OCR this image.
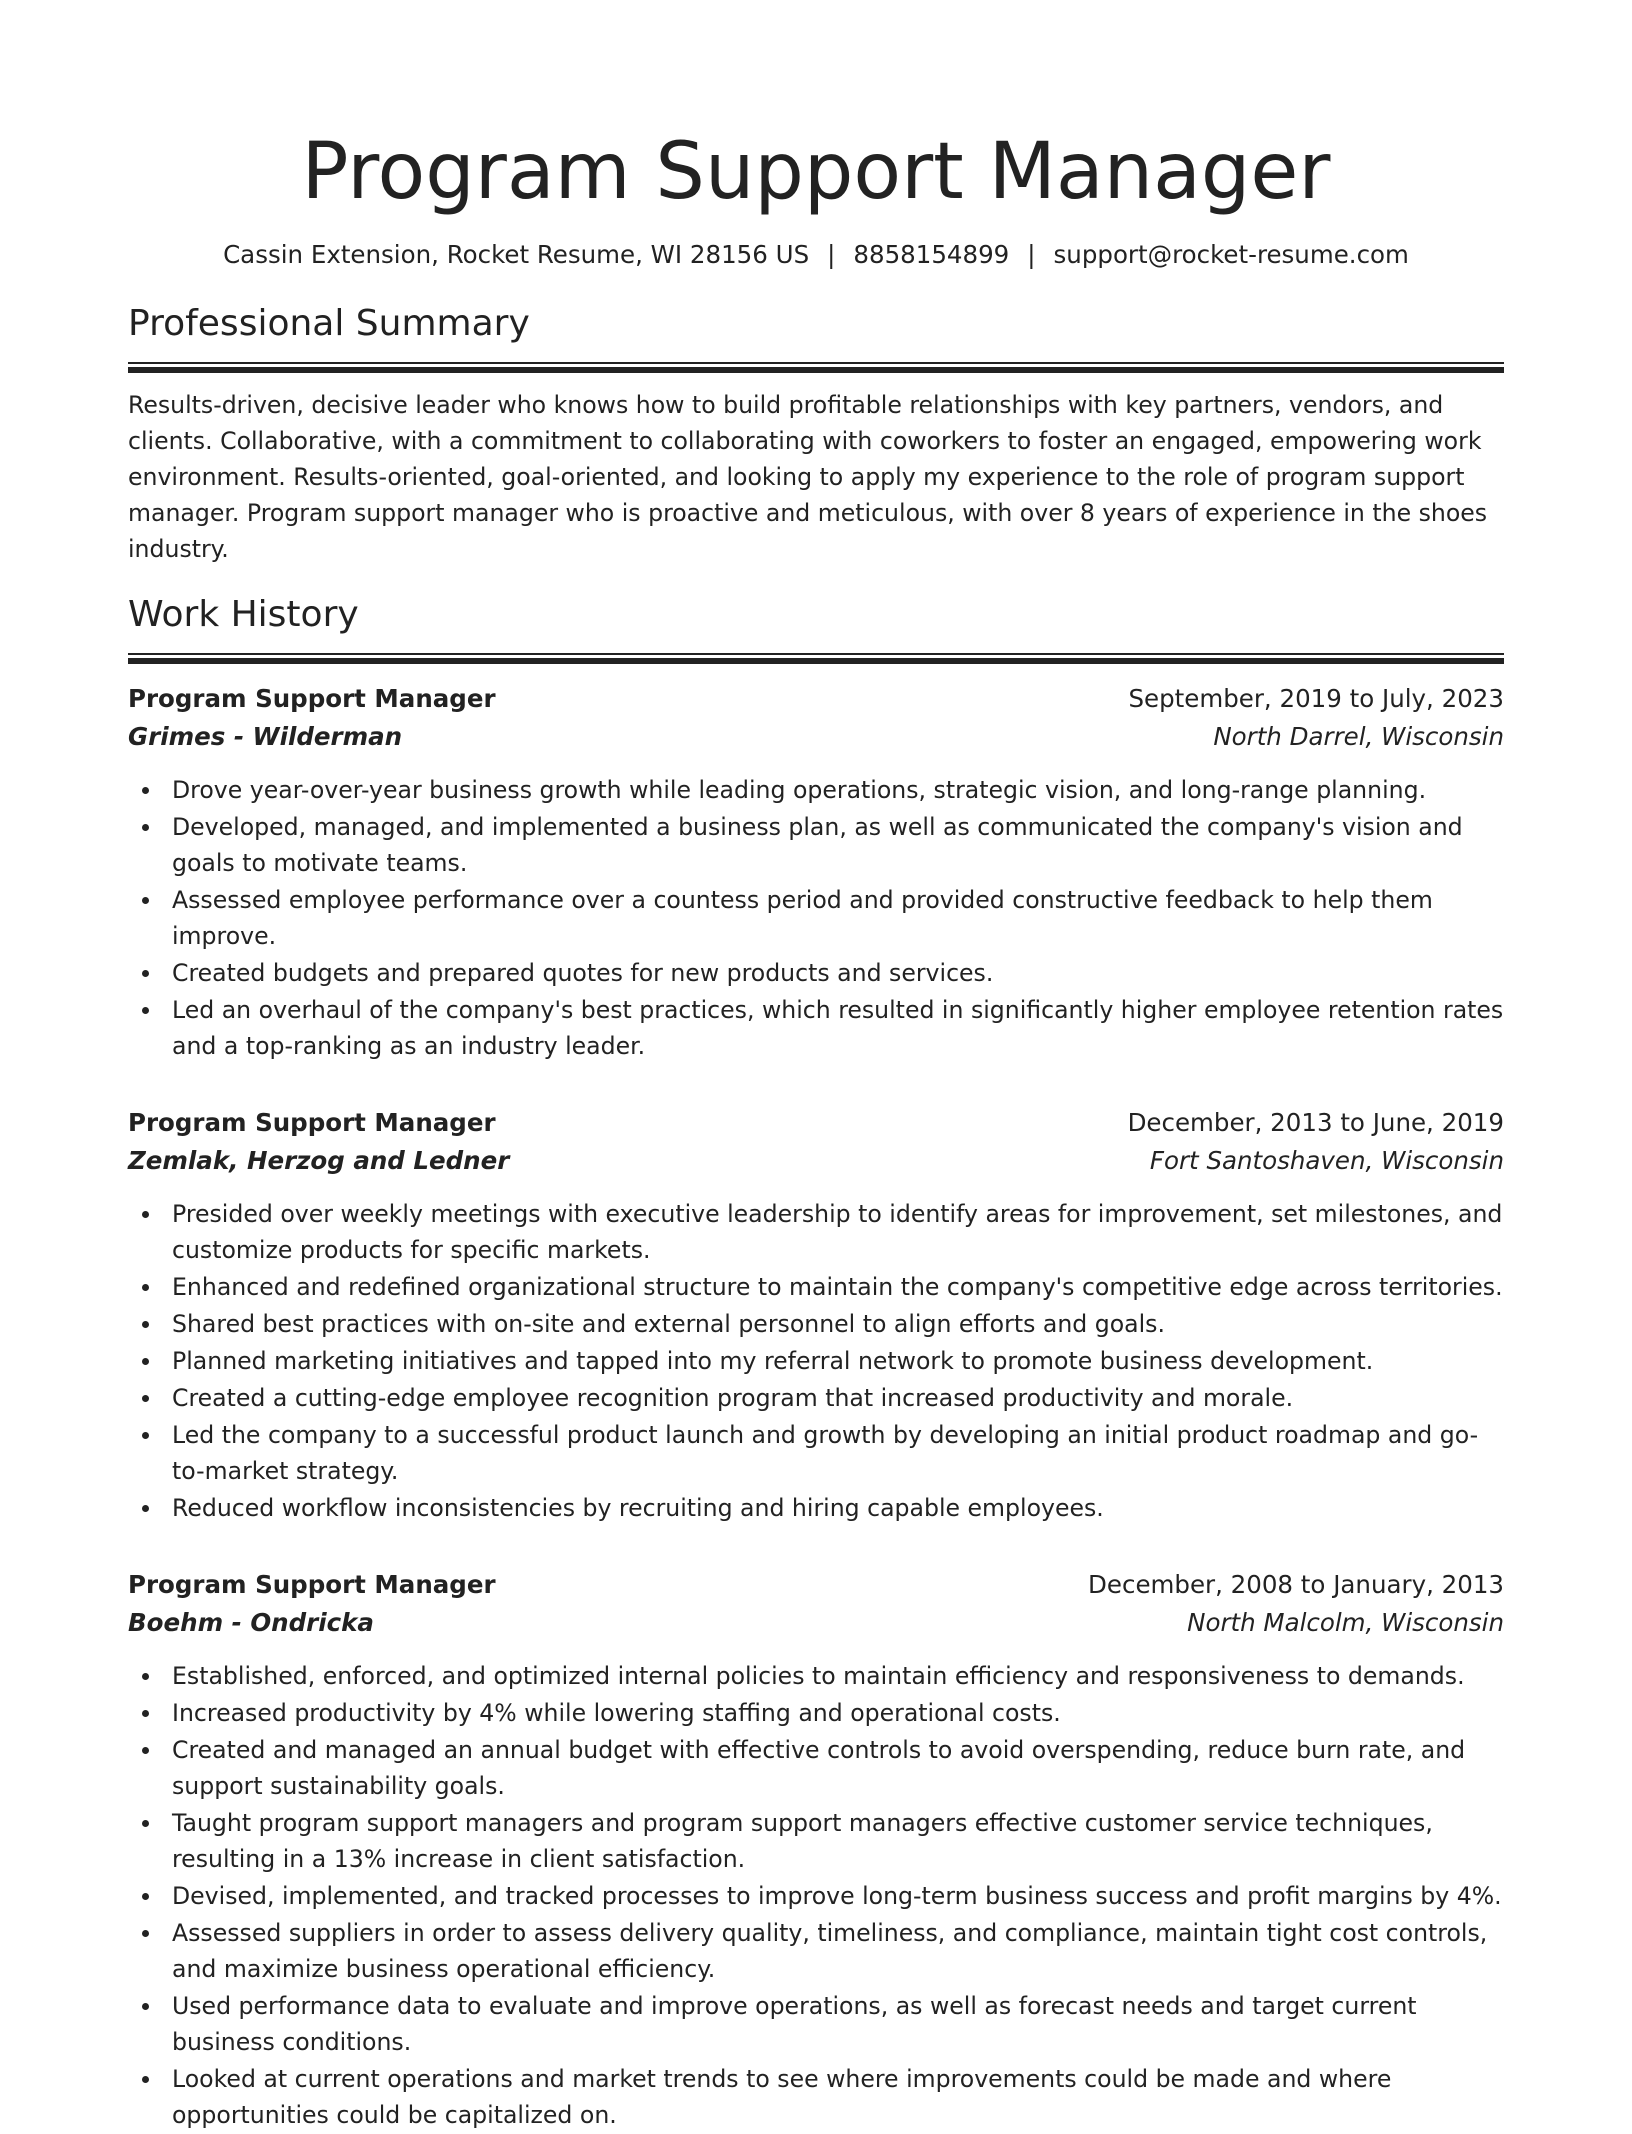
Program Support Manager
Cassin Extension, Rocket Resume, WI 28156 US | 8858154899 | support@rocket-resume.com
Professional Summary

Results-driven, decisive leader who knows how to build profitable relationships with key partners, vendors, and clients. Collaborative, with a commitment to collaborating with coworkers to foster an engaged, empowering work environment. Results-oriented, goal-oriented, and looking to apply my experience to the role of program support manager. Program support manager who is proactive and meticulous, with over 8 years of experience in the shoes industry.

Work History
Program Support Manager	September, 2019 to July, 2023
Grimes - Wilderman	North Darrel, Wisconsin
Drove year-over-year business growth while leading operations, strategic vision, and long-range planning.
Developed, managed, and implemented a business plan, as well as communicated the company's vision and goals to motivate teams.
Assessed employee performance over a countess period and provided constructive feedback to help them improve.
Created budgets and prepared quotes for new products and services.
Led an overhaul of the company's best practices, which resulted in significantly higher employee retention rates and a top-ranking as an industry leader.
Program Support Manager	December, 2013 to June, 2019
Zemlak, Herzog and Ledner	Fort Santoshaven, Wisconsin
Presided over weekly meetings with executive leadership to identify areas for improvement, set milestones, and customize products for specific markets.
Enhanced and redefined organizational structure to maintain the company's competitive edge across territories.
Shared best practices with on-site and external personnel to align efforts and goals.
Planned marketing initiatives and tapped into my referral network to promote business development.
Created a cutting-edge employee recognition program that increased productivity and morale.
Led the company to a successful product launch and growth by developing an initial product roadmap and go-to-market strategy.
Reduced workflow inconsistencies by recruiting and hiring capable employees.
Program Support Manager	December, 2008 to January, 2013
Boehm - Ondricka	North Malcolm, Wisconsin
Established, enforced, and optimized internal policies to maintain efficiency and responsiveness to demands.
Increased productivity by 4% while lowering staffing and operational costs.
Created and managed an annual budget with effective controls to avoid overspending, reduce burn rate, and support sustainability goals.
Taught program support managers and program support managers effective customer service techniques, resulting in a 13% increase in client satisfaction.
Devised, implemented, and tracked processes to improve long-term business success and profit margins by 4%.
Assessed suppliers in order to assess delivery quality, timeliness, and compliance, maintain tight cost controls, and maximize business operational efficiency.
Used performance data to evaluate and improve operations, as well as forecast needs and target current business conditions.
Looked at current operations and market trends to see where improvements could be made and where opportunities could be capitalized on.
